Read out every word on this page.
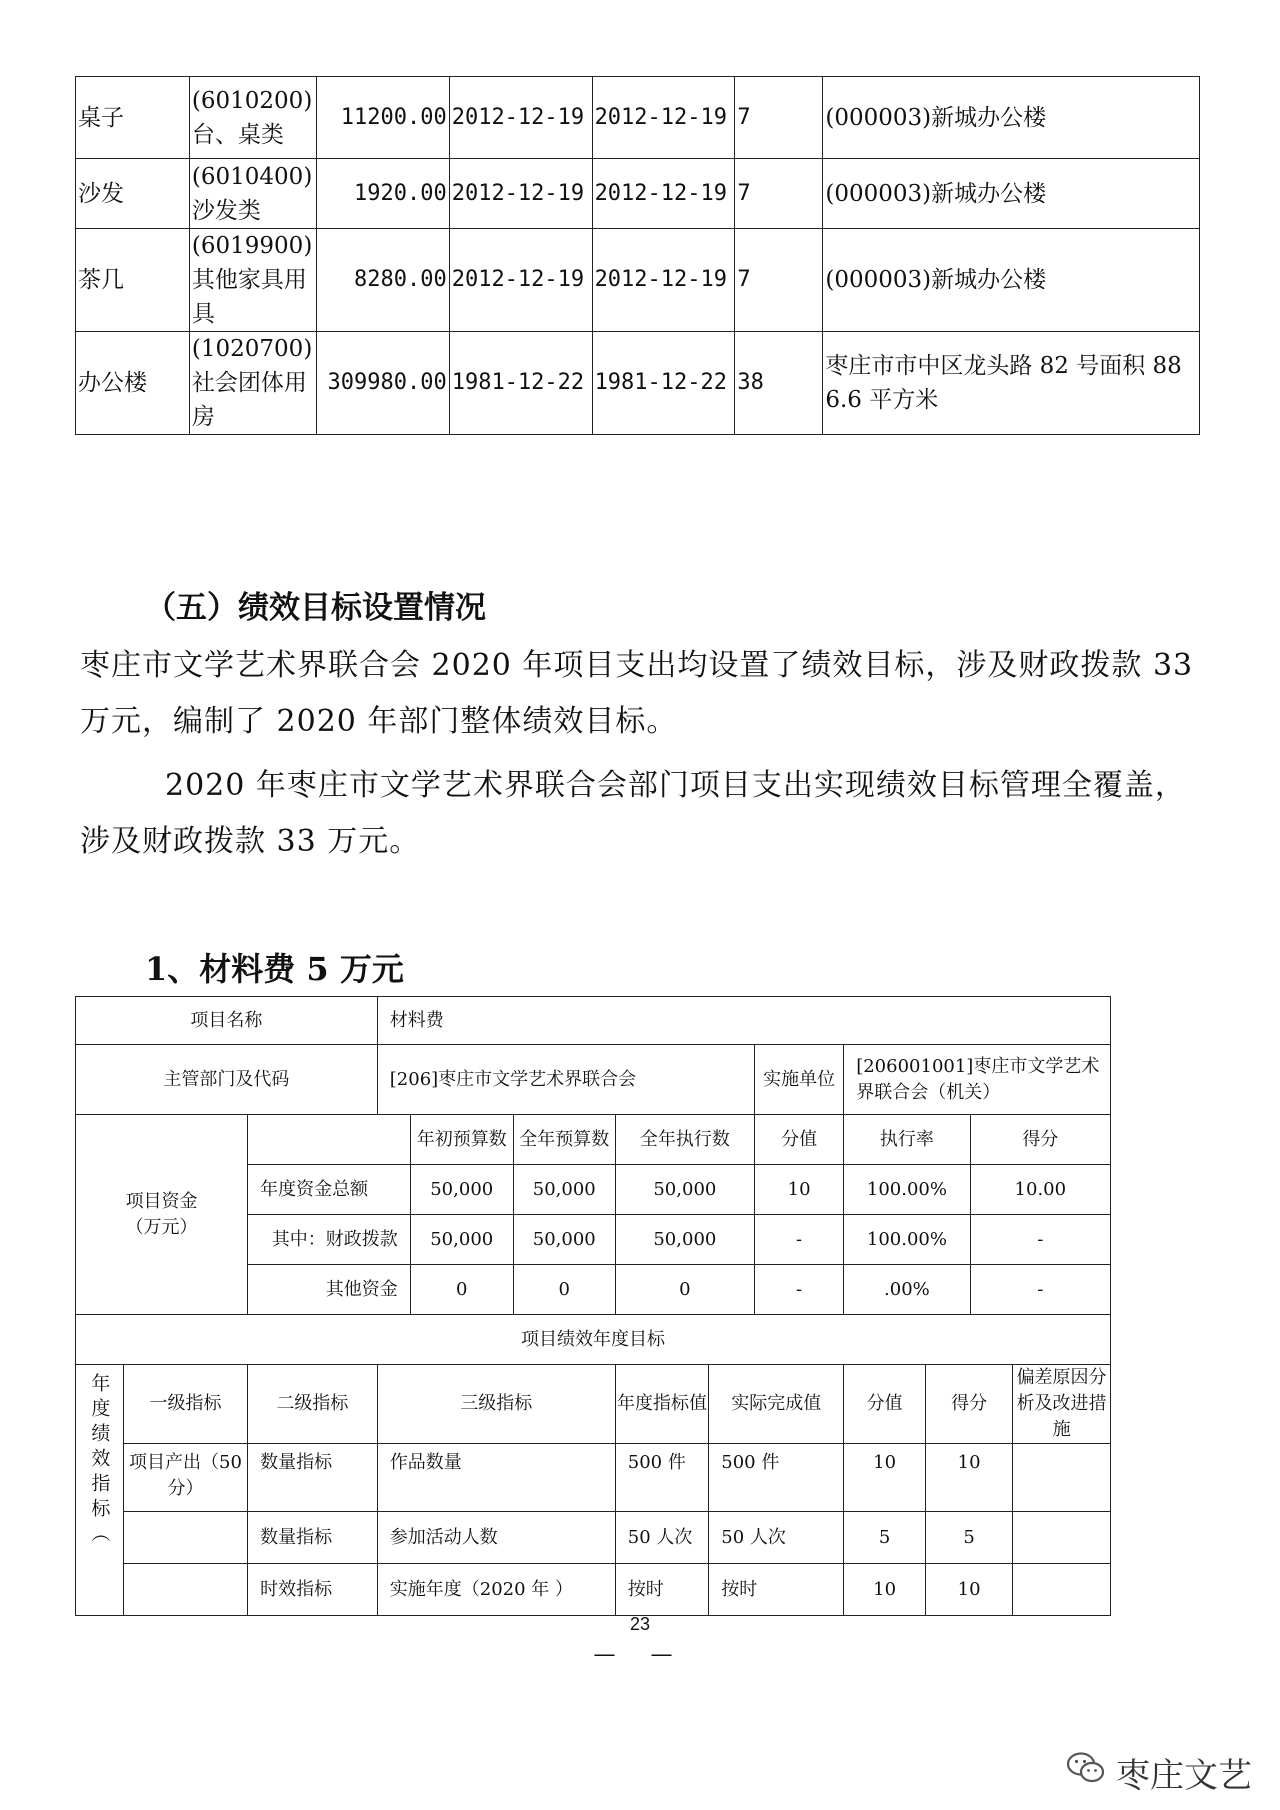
桌子	(6010200)台、桌类	11200.00	2012-12-19	2012-12-19	7	(000003)新城办公楼
沙发	(6010400)沙发类	1920.00	2012-12-19	2012-12-19	7	(000003)新城办公楼
茶几	(6019900)其他家具用具	8280.00	2012-12-19	2012-12-19	7	(000003)新城办公楼
办公楼	(1020700)社会团体用房	309980.00	1981-12-22	1981-12-22	38	枣庄市市中区龙头路 82 号面积 886.6 平方米
（五）绩效目标设置情况
枣庄市文学艺术界联合会 2020 年项目支出均设置了绩效目标，涉及财政拨款 33 万元，编制了 2020 年部门整体绩效目标。
2020 年枣庄市文学艺术界联合会部门项目支出实现绩效目标管理全覆盖，涉及财政拨款 33 万元。
1、材料费 5 万元
项目名称			材料费									
主管部门及代码			[206]枣庄市文学艺术界联合会					实施单位	[206001001]枣庄市文学艺术界联合会（机关）			

项目资金
（万元）				年初预算数	全年预算数	全年执行数		分值	执行率		得分	
		年度资金总额		50,000	50,000	50,000		10	100.00%		10.00	
		其中：财政拨款		50,000	50,000	50,000		-	100.00%		-	
		其他资金		0	0	0		-	.00%		-	
项目绩效年度目标												

年度绩效指标（	一级指标	二级指标	三级指标			年度指标值	实际完成值		分值	得分		偏差原因分析及改进措施
	项目产出（50 分）	数量指标	作品数量			500 件	500 件		10	10		
		数量指标	参加活动人数			50 人次	50 人次		5	5		
		时效指标	实施年度（2020 年 ）			按时	按时		10	10		
23
— —
枣庄文艺
